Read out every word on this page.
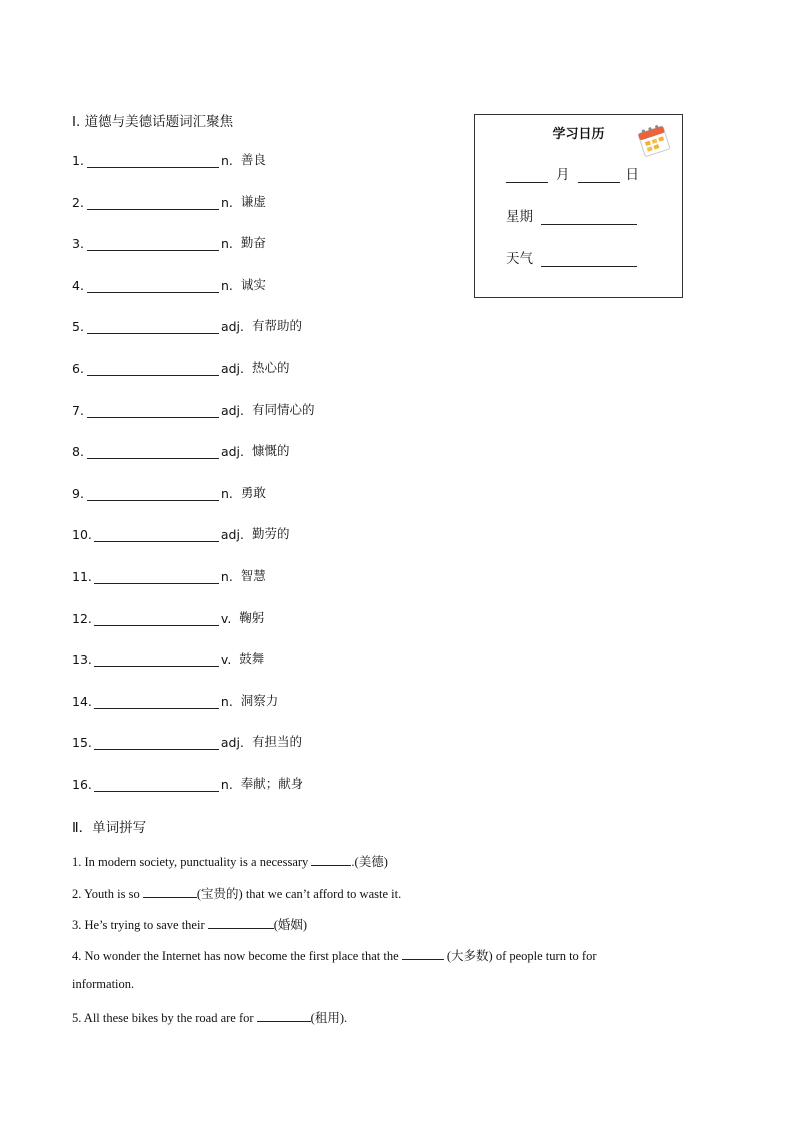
Ⅰ. 道德与美德话题词汇聚焦
1.	n. 善良
2.	n. 谦虚
3.	n. 勤奋
4.	n. 诚实
5.	adj. 有帮助的
6.	adj. 热心的
7.	adj. 有同情心的
8.	adj. 慷慨的
9.	n. 勇敢
10.	adj. 勤劳的
11.	n. 智慧
12.	v. 鞠躬
13.	v. 鼓舞
14.	n. 洞察力
15.	adj. 有担当的
16.	n. 奉献；献身
Ⅱ．单词拼写
1. In modern society, punctuality is a necessary	.(美德)
2. Youth is so	(宝贵的) that we can’t afford to waste it.
3. He’s trying to save their	(婚姻)
4. No wonder the Internet has now become the first place that the	(大多数) of people turn to for
information.
5. All these bikes by the road are for	(租用).
学习日历
月	日
星期
天气
